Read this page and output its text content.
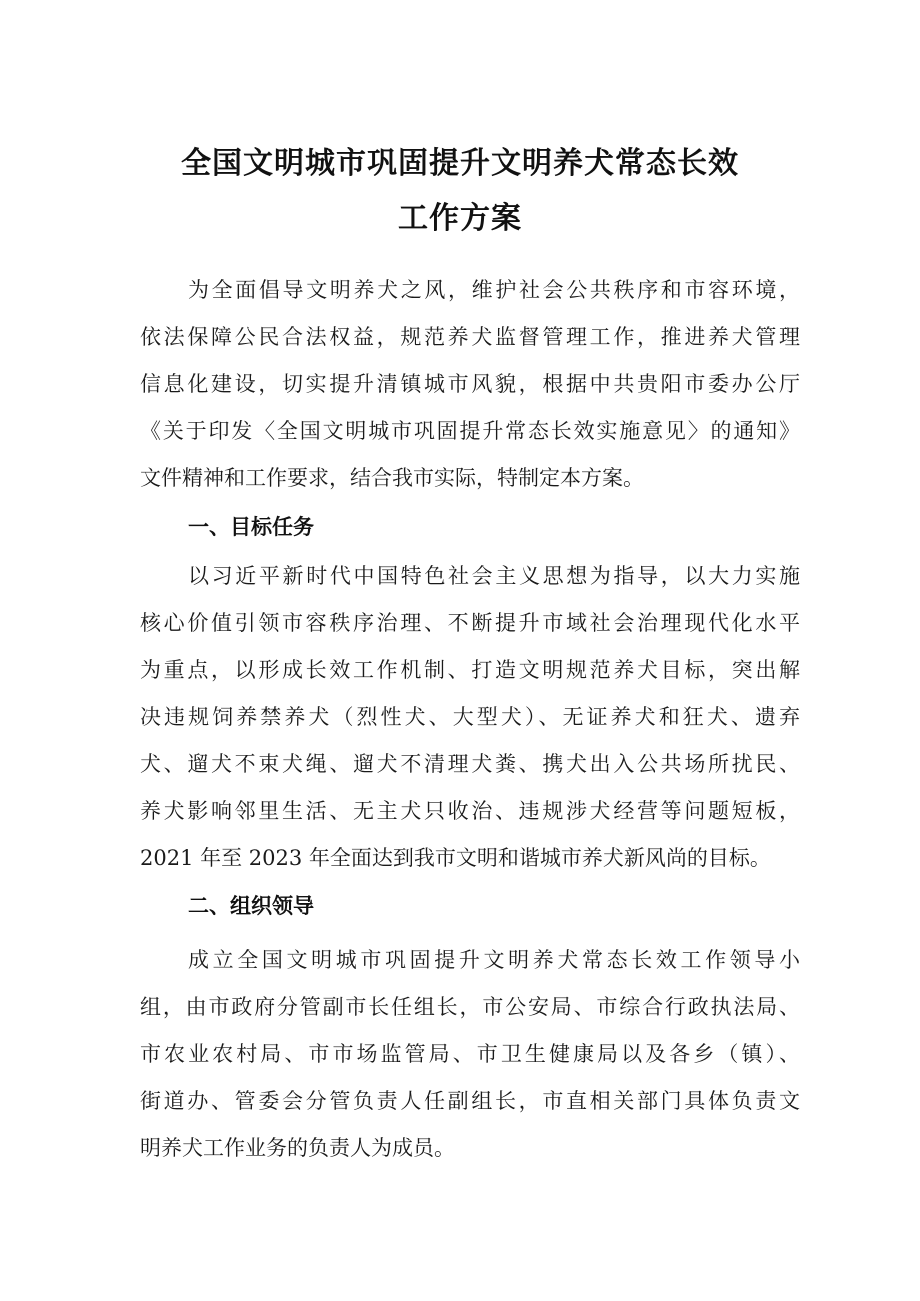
全国文明城市巩固提升文明养犬常态长效
工作方案
为全面倡导文明养犬之风，维护社会公共秩序和市容环境，
依法保障公民合法权益，规范养犬监督管理工作，推进养犬管理
信息化建设，切实提升清镇城市风貌，根据中共贵阳市委办公厅
《关于印发〈全国文明城市巩固提升常态长效实施意见〉的通知》
文件精神和工作要求，结合我市实际，特制定本方案。
一、目标任务
以习近平新时代中国特色社会主义思想为指导，以大力实施
核心价值引领市容秩序治理、不断提升市域社会治理现代化水平
为重点，以形成长效工作机制、打造文明规范养犬目标，突出解
决违规饲养禁养犬（烈性犬、大型犬）、无证养犬和狂犬、遗弃
犬、遛犬不束犬绳、遛犬不清理犬粪、携犬出入公共场所扰民、
养犬影响邻里生活、无主犬只收治、违规涉犬经营等问题短板，
2021 年至 2023 年全面达到我市文明和谐城市养犬新风尚的目标。
二、组织领导
成立全国文明城市巩固提升文明养犬常态长效工作领导小
组，由市政府分管副市长任组长，市公安局、市综合行政执法局、
市农业农村局、市市场监管局、市卫生健康局以及各乡（镇）、
街道办、管委会分管负责人任副组长，市直相关部门具体负责文
明养犬工作业务的负责人为成员。
